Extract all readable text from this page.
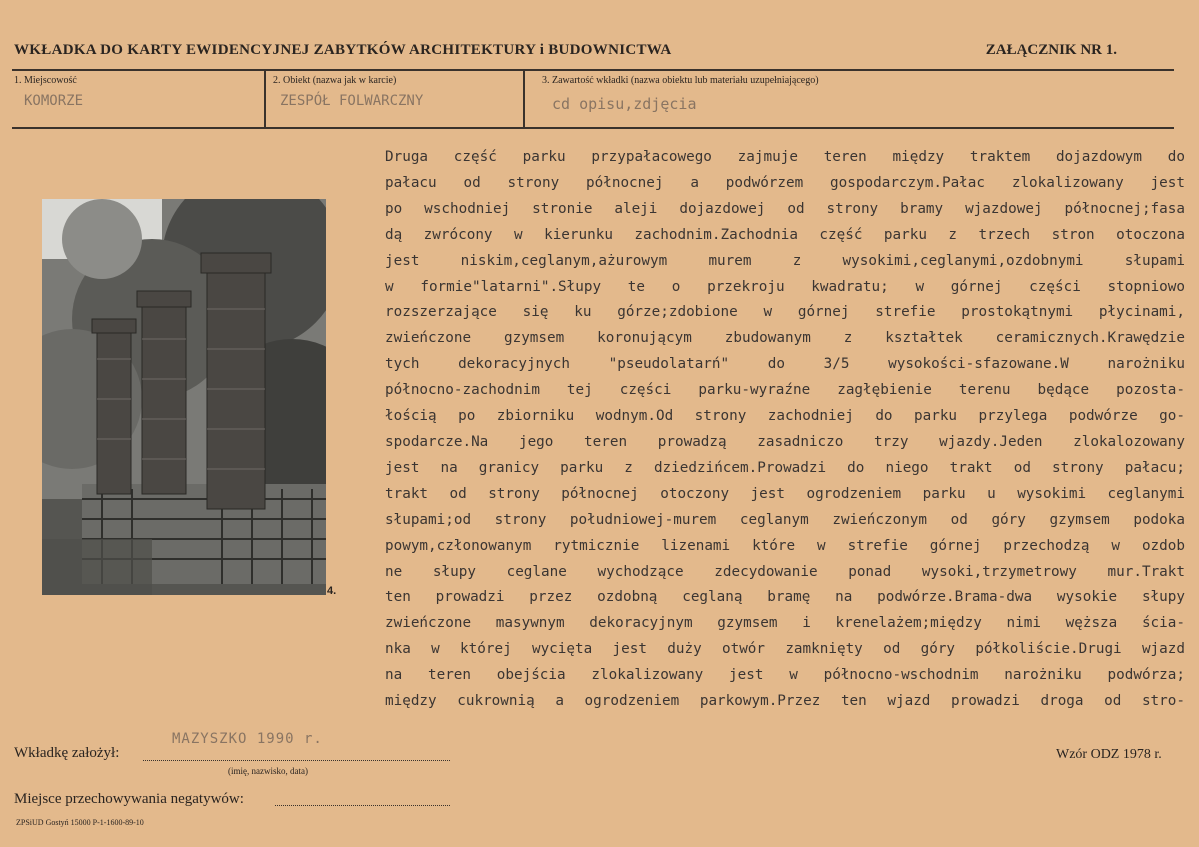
WKŁADKA DO KARTY EWIDENCYJNEJ ZABYTKÓW ARCHITEKTURY i BUDOWNICTWA	ZAŁĄCZNIK NR 1.
1. Miejscowość
KOMORZE
2. Obiekt (nazwa jak w karcie)
ZESPÓŁ FOLWARCZNY
3. Zawartość wkładki (nazwa obiektu lub materiału uzupełniającego)
cd opisu,zdjęcia
4.
Druga część parku przypałacowego zajmuje teren między traktem dojazdowym do
pałacu od strony północnej a podwórzem gospodarczym.Pałac zlokalizowany jest
po wschodniej stronie aleji dojazdowej od strony bramy wjazdowej północnej;fasa
dą zwrócony w kierunku zachodnim.Zachodnia część parku z trzech stron otoczona
jest niskim,ceglanym,ażurowym murem z wysokimi,ceglanymi,ozdobnymi słupami
w formie"latarni".Słupy te o przekroju kwadratu; w górnej części stopniowo
rozszerzające się ku górze;zdobione w górnej strefie prostokątnymi płycinami,
zwieńczone gzymsem koronującym zbudowanym z kształtek ceramicznych.Krawędzie
tych dekoracyjnych "pseudolatarń" do 3/5 wysokości-sfazowane.W narożniku
północno-zachodnim tej części parku-wyraźne zagłębienie terenu będące pozosta-
łością po zbiorniku wodnym.Od strony zachodniej do parku przylega podwórze go-
spodarcze.Na jego teren prowadzą zasadniczo trzy wjazdy.Jeden zlokalozowany
jest na granicy parku z dziedzińcem.Prowadzi do niego trakt od strony pałacu;
trakt od strony północnej otoczony jest ogrodzeniem parku u wysokimi ceglanymi
słupami;od strony południowej-murem ceglanym zwieńczonym od góry gzymsem podoka
powym,członowanym rytmicznie lizenami które w strefie górnej przechodzą w ozdob
ne słupy ceglane wychodzące zdecydowanie ponad wysoki,trzymetrowy mur.Trakt
ten prowadzi przez ozdobną ceglaną bramę na podwórze.Brama-dwa wysokie słupy
zwieńczone masywnym dekoracyjnym gzymsem i krenelażem;między nimi węższa ścia-
nka w której wycięta jest duży otwór zamknięty od góry półkoliście.Drugi wjazd
na teren obejścia zlokalizowany jest w północno-wschodnim narożniku podwórza;
między cukrownią a ogrodzeniem parkowym.Przez ten wjazd prowadzi droga od stro-
Wkładkę założył:
MAZYSZKO 1990 r.
(imię, nazwisko, data)
Wzór ODZ 1978 r.
Miejsce przechowywania negatywów:
ZPSiUD Gostyń 15000 P-1-1600-89-10
